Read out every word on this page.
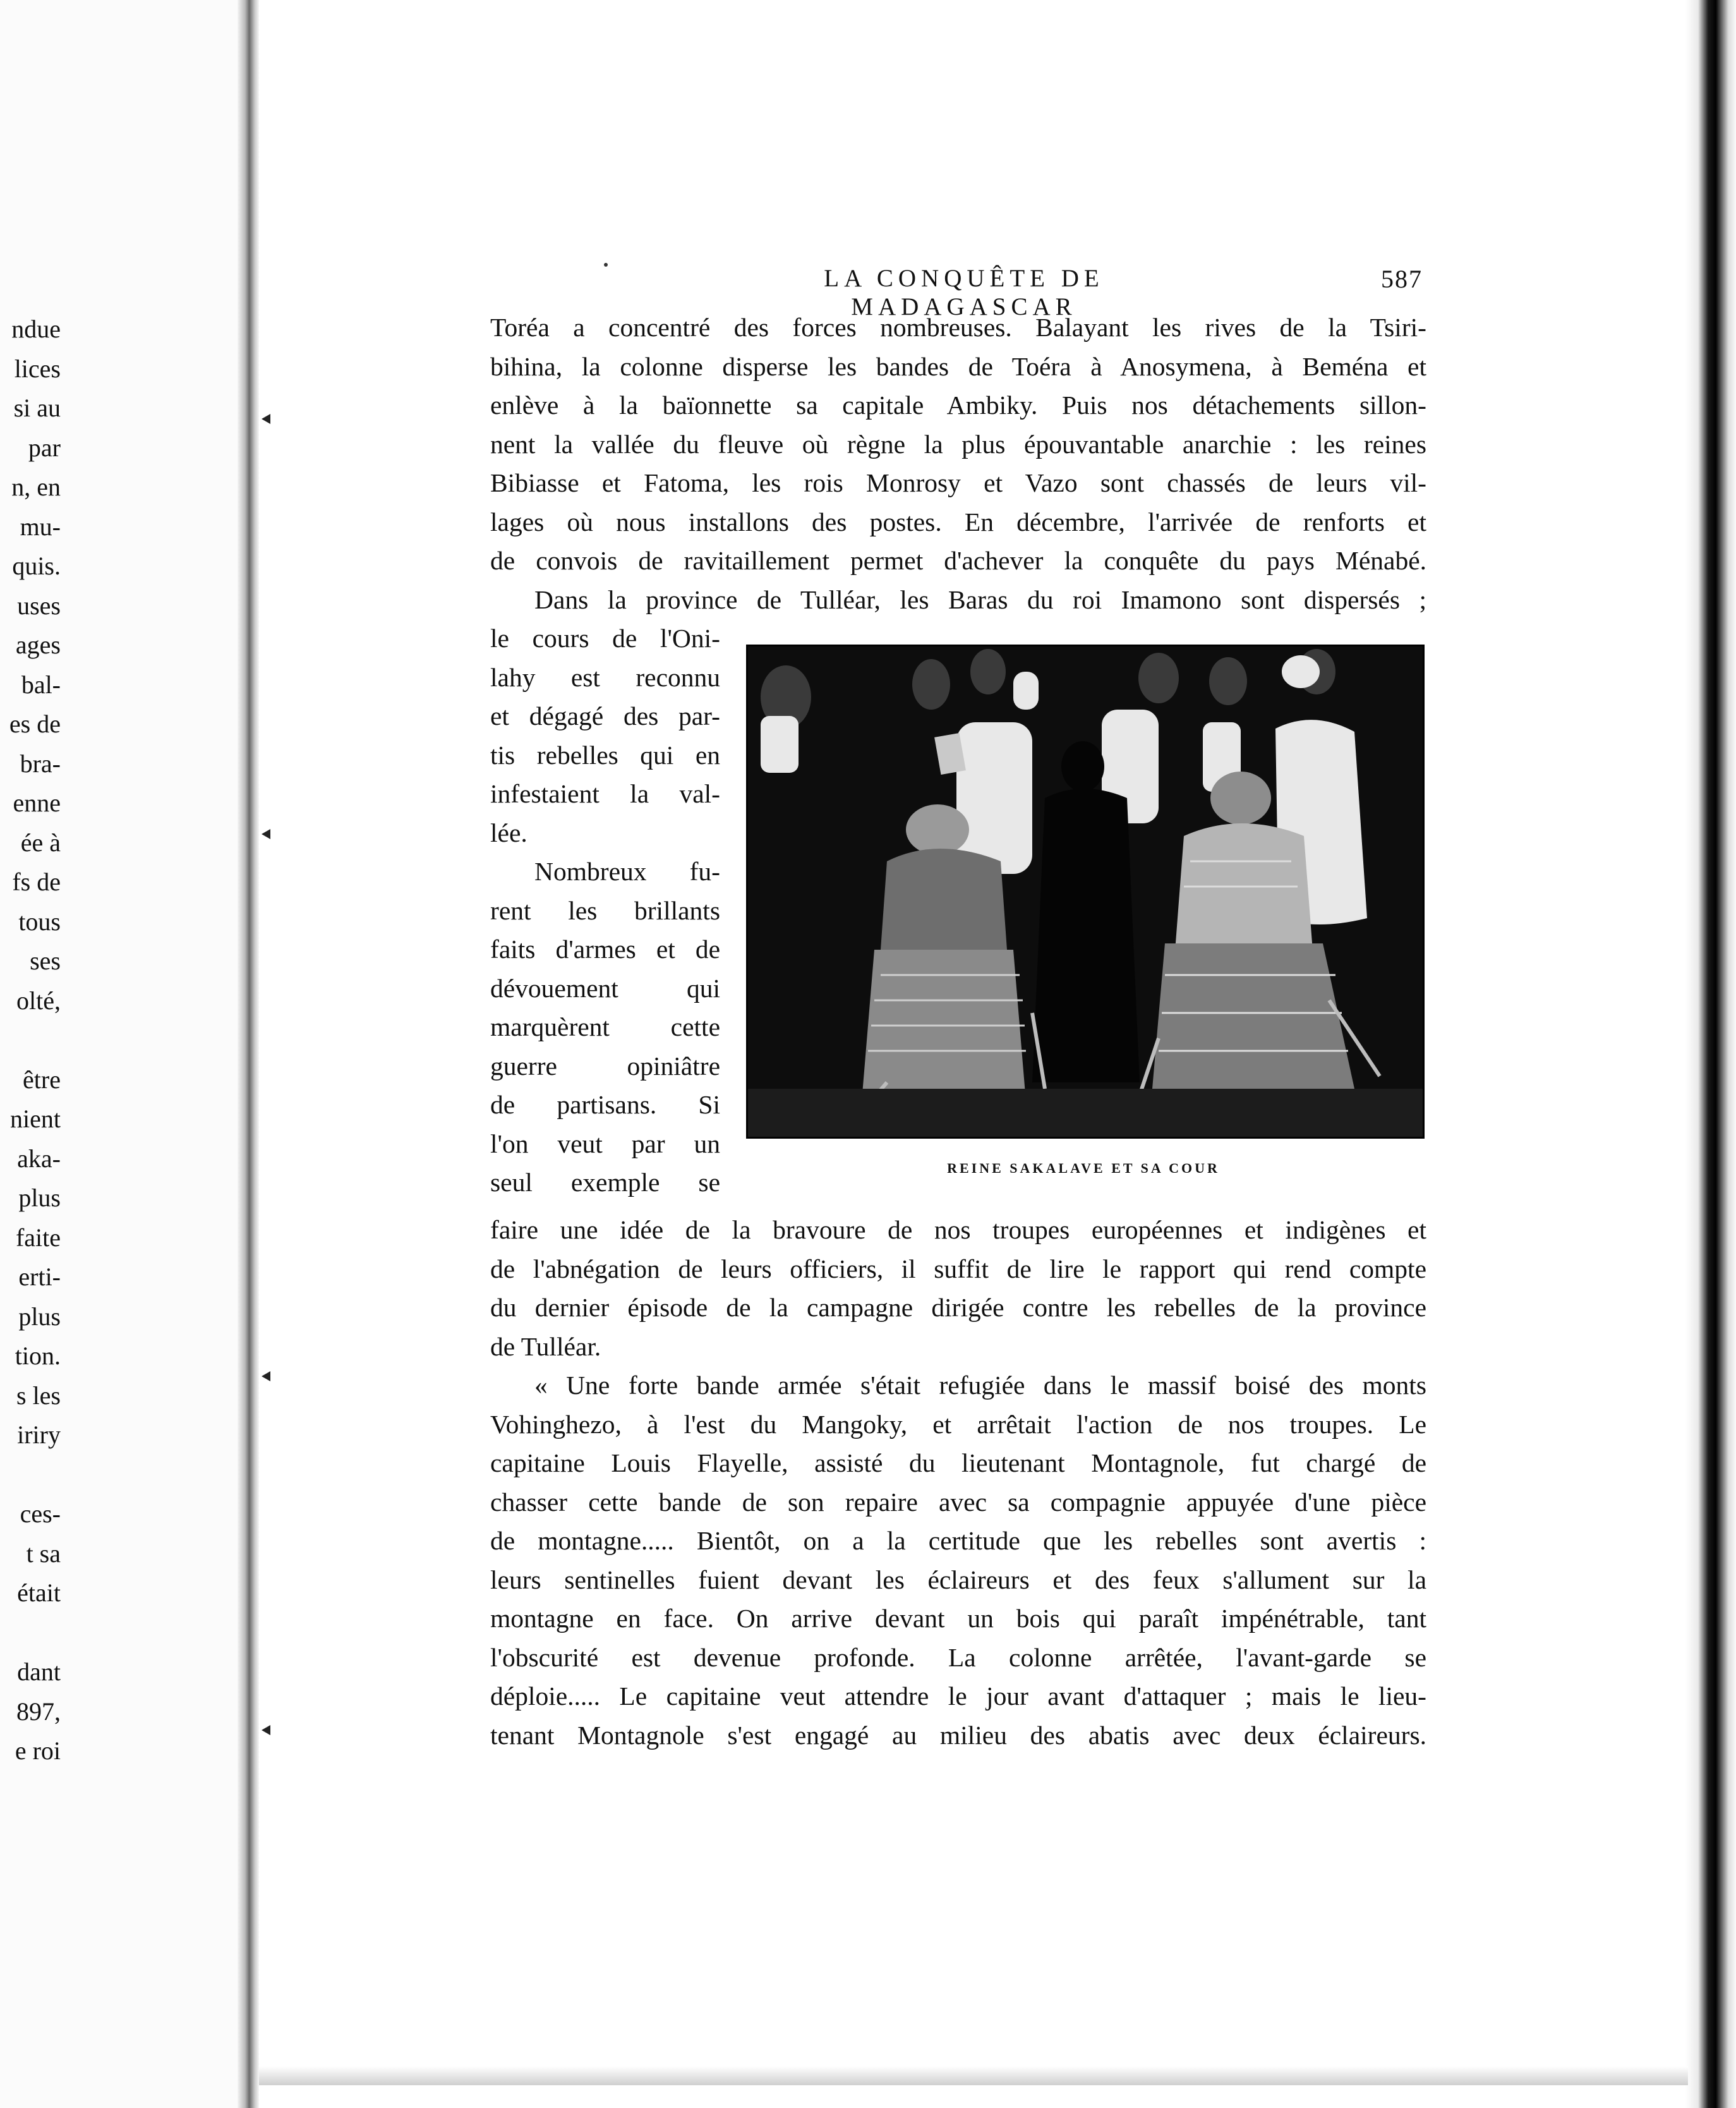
ndue
lices
si au
par
n, en
mu-
quis.
uses
ages
bal-
es de
bra-
enne
ée à
fs de
tous
ses
olté,
être
nient
aka-
plus
faite
erti-
plus
tion.
s les
iriry
ces-
t sa
était
dant
897,
e roi
LA CONQUÊTE DE MADAGASCAR
587
Toréa a concentré des forces nombreuses. Balayant les rives de la Tsiri-
bihina, la colonne disperse les bandes de Toéra à Anosymena, à Beména et
enlève à la baïonnette sa capitale Ambiky. Puis nos détachements sillon-
nent la vallée du fleuve où règne la plus épouvantable anarchie : les reines
Bibiasse et Fatoma, les rois Monrosy et Vazo sont chassés de leurs vil-
lages où nous installons des postes. En décembre, l'arrivée de renforts et
de convois de ravitaillement permet d'achever la conquête du pays Ménabé.
Dans la province de Tulléar, les Baras du roi Imamono sont dispersés ;
le cours de l'Oni-
lahy est reconnu
et dégagé des par-
tis rebelles qui en
infestaient la val-
lée.
Nombreux fu-
rent les brillants
faits d'armes et de
dévouement qui
marquèrent cette
guerre opiniâtre
de partisans. Si
l'on veut par un
seul exemple se	REINE SAKALAVE ET SA COUR
faire une idée de la bravoure de nos troupes européennes et indigènes et
de l'abnégation de leurs officiers, il suffit de lire le rapport qui rend compte
du dernier épisode de la campagne dirigée contre les rebelles de la province
de Tulléar.
« Une forte bande armée s'était refugiée dans le massif boisé des monts
Vohinghezo, à l'est du Mangoky, et arrêtait l'action de nos troupes. Le
capitaine Louis Flayelle, assisté du lieutenant Montagnole, fut chargé de
chasser cette bande de son repaire avec sa compagnie appuyée d'une pièce
de montagne..... Bientôt, on a la certitude que les rebelles sont avertis :
leurs sentinelles fuient devant les éclaireurs et des feux s'allument sur la
montagne en face. On arrive devant un bois qui paraît impénétrable, tant
l'obscurité est devenue profonde. La colonne arrêtée, l'avant-garde se
déploie..... Le capitaine veut attendre le jour avant d'attaquer ; mais le lieu-
tenant Montagnole s'est engagé au milieu des abatis avec deux éclaireurs.
